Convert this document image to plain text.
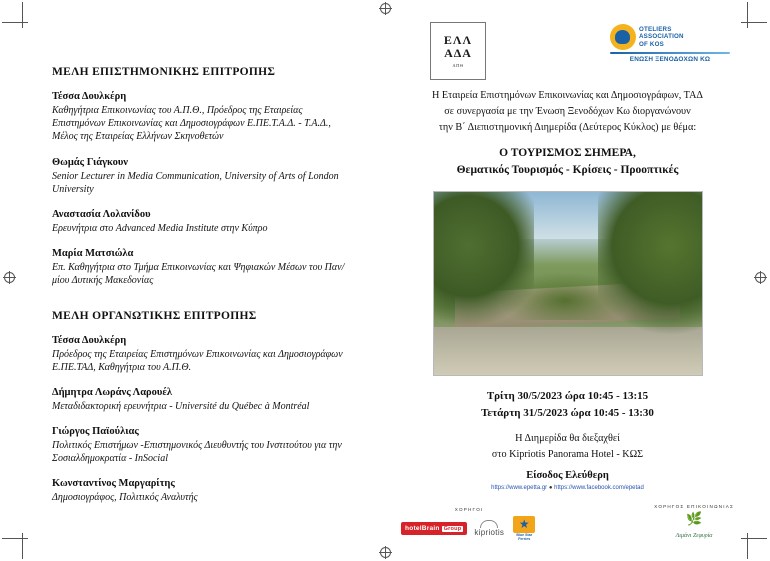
ΜΕΛΗ ΕΠΙΣΤΗΜΟΝΙΚΗΣ ΕΠΙΤΡΟΠΗΣ

Τέσσα Δουλκέρη

Καθηγήτρια Επικοινωνίας του Α.Π.Θ., Πρόεδρος της Εταιρείας Επιστημόνων Επικοινωνίας και Δημοσιογράφων Ε.ΠΕ.Τ.Α.Δ. - Τ.Α.Δ., Μέλος της Εταιρείας Ελλήνων Σκηνοθετών

Θωμάς Γιάγκουν

Senior Lecturer in Media Communication, University of Arts of London University

Αναστασία Λολανίδου

Ερευνήτρια στο Advanced Media Institute στην Κύπρο

Μαρία Ματσιώλα

Επ. Καθηγήτρια στο Τμήμα Επικοινωνίας και Ψηφιακών Μέσων του Παν/μίου Δυτικής Μακεδονίας

ΜΕΛΗ ΟΡΓΑΝΩΤΙΚΗΣ ΕΠΙΤΡΟΠΗΣ

Τέσσα Δουλκέρη

Πρόεδρος της Εταιρείας Επιστημόνων Επικοινωνίας και Δημοσιογράφων Ε.ΠΕ.ΤΑΔ, Καθηγήτρια του Α.Π.Θ.

Δήμητρα Λωράνς Λαρουέλ

Μεταδιδακτορική ερευνήτρια - Université du Québec à Montréal

Γιώργος Παϊούλιας

Πολιτικός Επιστήμων -Επιστημονικός Διευθυντής του Ινστιτούτου για την Σοσιαλδημοκρατία - InSocial

Κωνσταντίνος Μαργαρίτης

Δημοσιογράφος, Πολιτικός Αναλυτής

ΕΛΛ
ΑΔΑ
ΑΠΘ
OTELIERS
ASSOCIATION
OF KOS
ΕΝΩΣΗ ΞΕΝΟΔΟΧΩΝ ΚΩ

Η Εταιρεία Επιστημόνων Επικοινωνίας και Δημοσιογράφων, ΤΑΔ
σε συνεργασία με την Ένωση Ξενοδόχων Κω διοργανώνουν
την Β΄ Διεπιστημονική Διημερίδα (Δεύτερος Κύκλος) με θέμα:

Ο ΤΟΥΡΙΣΜΟΣ ΣΗΜΕΡΑ,
Θεματικός Τουρισμός - Κρίσεις - Προοπτικές

Τρίτη 30/5/2023 ώρα 10:45 - 13:15
Τετάρτη 31/5/2023 ώρα 10:45 - 13:30
Η Διημερίδα θα διεξαχθεί
στο Kipriotis Panorama Hotel - ΚΩΣ
Είσοδος Ελεύθερη
https://www.epetta.gr ● https://www.facebook.com/epetad
ΧΟΡΗΓΟΙ
hotelBrain Group	kipriotis
★	Blue Star Ferries
ΧΟΡΗΓΟΣ ΕΠΙΚΟΙΝΩΝΙΑΣ
🌿
Λιμάνι Ζεφυρία
